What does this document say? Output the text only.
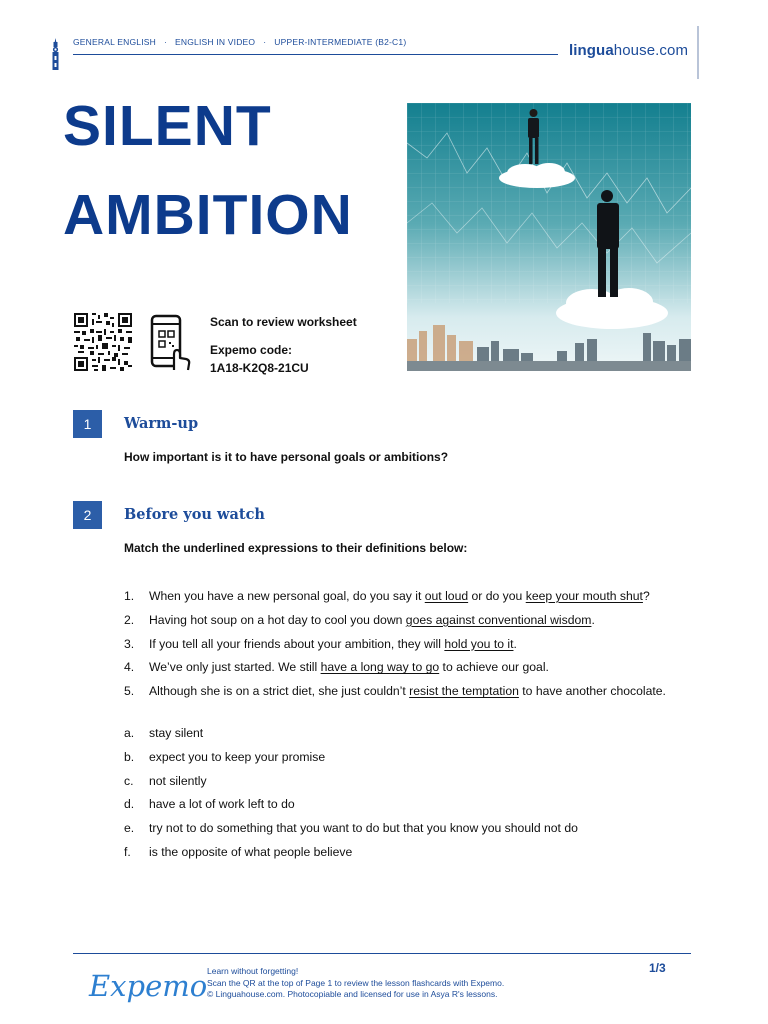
GENERAL ENGLISH · ENGLISH IN VIDEO · UPPER-INTERMEDIATE (B2-C1)	linguahouse.com
SILENT
AMBITION
Scan to review worksheet
Expemo code:
1A18-K2Q8-21CU
1	Warm-up
How important is it to have personal goals or ambitions?
2	Before you watch
Match the underlined expressions to their definitions below:
1. When you have a new personal goal, do you say it out loud or do you keep your mouth shut?
2. Having hot soup on a hot day to cool you down goes against conventional wisdom.
3. If you tell all your friends about your ambition, they will hold you to it.
4. We’ve only just started. We still have a long way to go to achieve our goal.
5. Although she is on a strict diet, she just couldn’t resist the temptation to have another chocolate.
a. stay silent
b. expect you to keep your promise
c. not silently
d. have a lot of work left to do
e. try not to do something that you want to do but that you know you should not do
f. is the opposite of what people believe
Expemo Learn without forgetting!
Scan the QR at the top of Page 1 to review the lesson flashcards with Expemo.
© Linguahouse.com. Photocopiable and licensed for use in Asya R's lessons.
1/3
